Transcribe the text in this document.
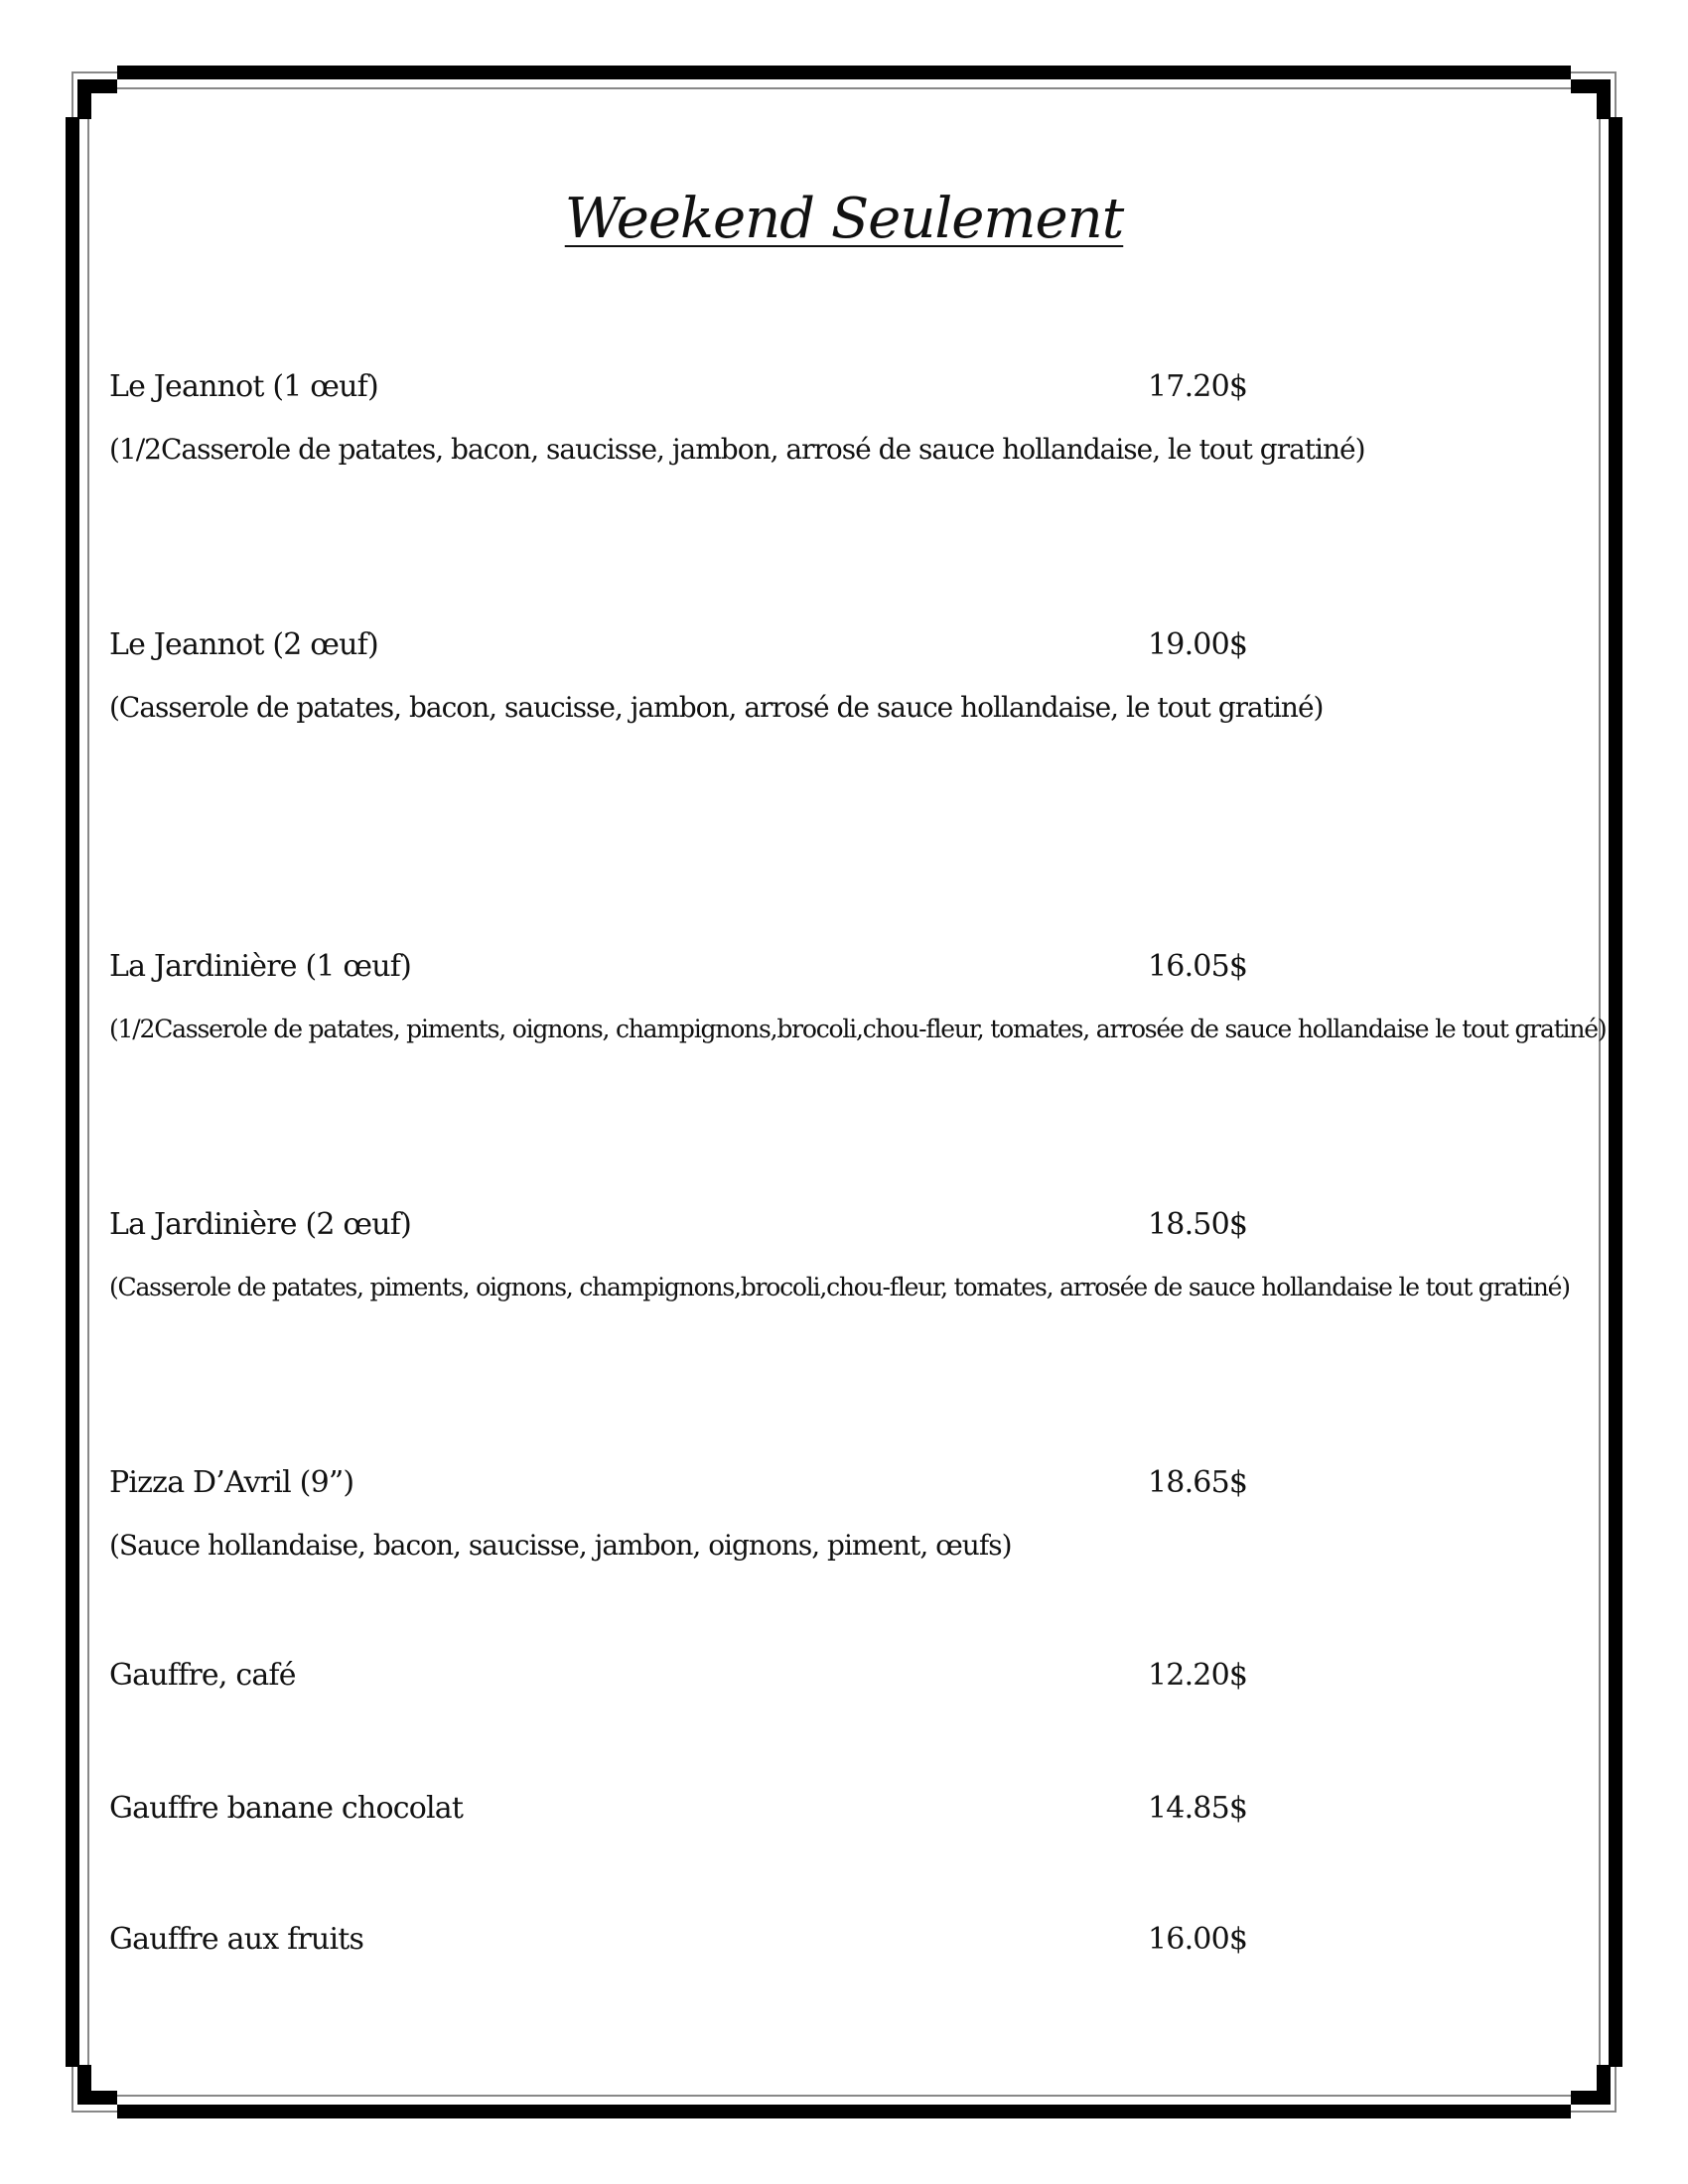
Weekend Seulement
Le Jeannot (1 œuf)	17.20$
(1/2Casserole de patates, bacon, saucisse, jambon, arrosé de sauce hollandaise, le tout gratiné)
Le Jeannot (2 œuf)	19.00$
(Casserole de patates, bacon, saucisse, jambon, arrosé de sauce hollandaise, le tout gratiné)
La Jardinière (1 œuf)	16.05$
(1/2Casserole de patates, piments, oignons, champignons,brocoli,chou-fleur, tomates, arrosée de sauce hollandaise le tout gratiné)
La Jardinière (2 œuf)	18.50$
(Casserole de patates, piments, oignons, champignons,brocoli,chou-fleur, tomates, arrosée de sauce hollandaise le tout gratiné)
Pizza D’Avril (9”)	18.65$
(Sauce hollandaise, bacon, saucisse, jambon, oignons, piment, œufs)
Gauffre, café	12.20$
Gauffre banane chocolat	14.85$
Gauffre aux fruits	16.00$
